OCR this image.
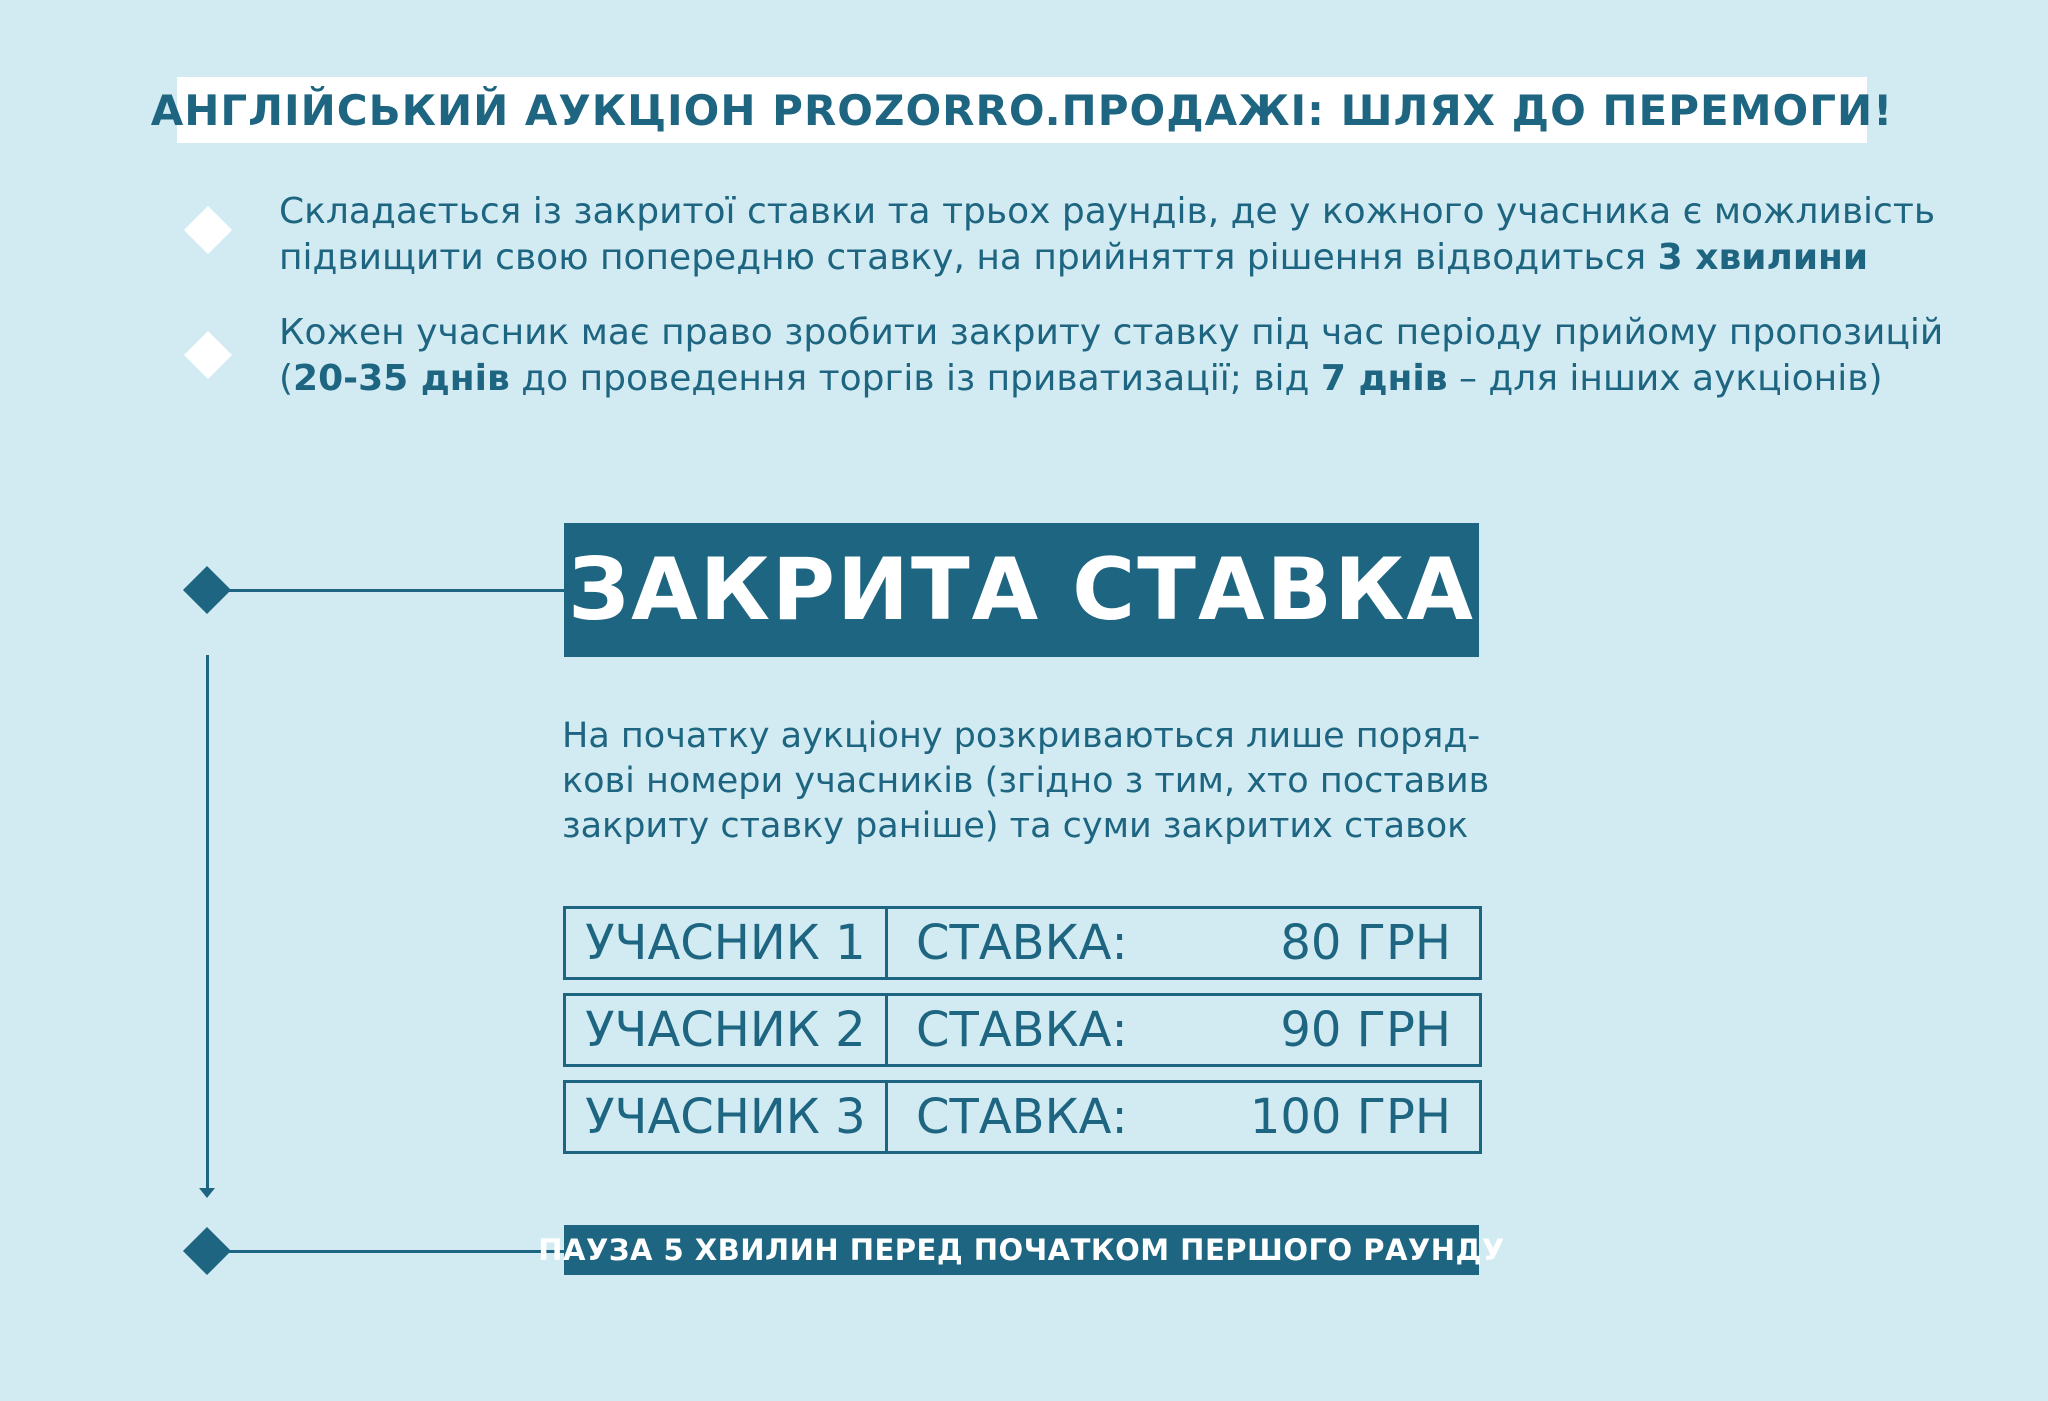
АНГЛІЙСЬКИЙ АУКЦІОН PROZORRO.ПРОДАЖІ: ШЛЯХ ДО ПЕРЕМОГИ!
Складається із закритої ставки та трьох раундів, де у кожного учасника є можливість
підвищити свою попередню ставку, на прийняття рішення відводиться 3 хвилини
Кожен учасник має право зробити закриту ставку під час періоду прийому пропозицій
(20-35 днів до проведення торгів із приватизації; від 7 днів – для інших аукціонів)
ЗАКРИТА СТАВКА
На початку аукціону розкриваються лише поряд-
кові номери учасників (згідно з тим, хто поставив
закриту ставку раніше) та суми закритих ставок
УЧАСНИК 1	СТАВКА:	80 ГРН
УЧАСНИК 2	СТАВКА:	90 ГРН
УЧАСНИК 3	СТАВКА:	100 ГРН
ПАУЗА 5 ХВИЛИН ПЕРЕД ПОЧАТКОМ ПЕРШОГО РАУНДУ
